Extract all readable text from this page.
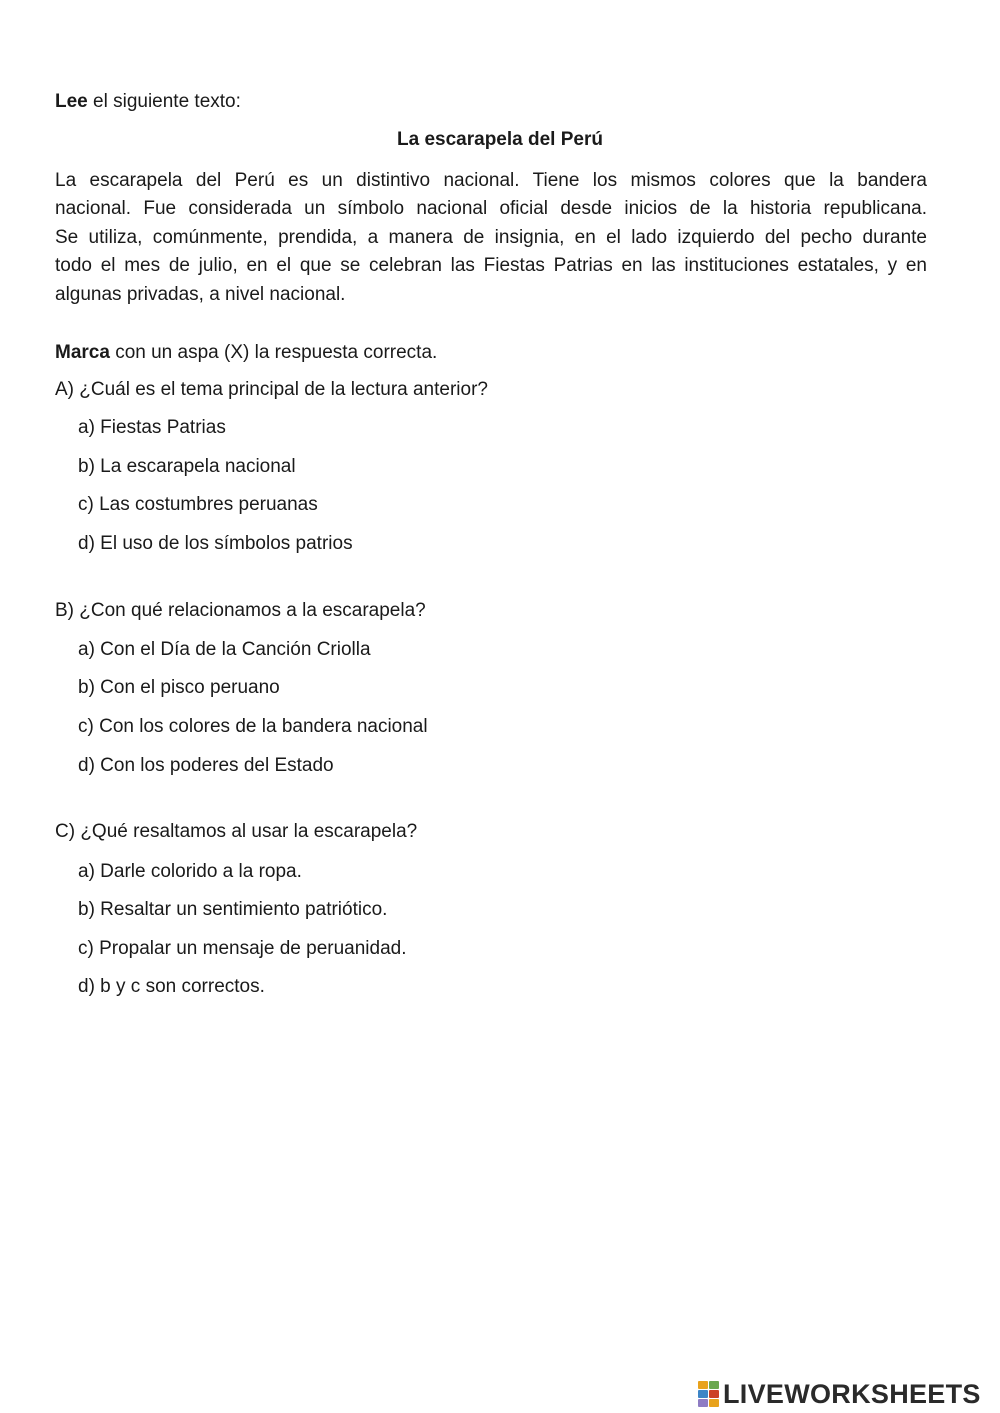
Lee el siguiente texto:
La escarapela del Perú
La escarapela del Perú es un distintivo nacional. Tiene los mismos colores que la bandera
nacional. Fue considerada un símbolo nacional oficial desde inicios de la historia republicana.
Se utiliza, comúnmente, prendida, a manera de insignia, en el lado izquierdo del pecho durante
todo el mes de julio, en el que se celebran las Fiestas Patrias en las instituciones estatales, y en
algunas privadas, a nivel nacional.
Marca con un aspa (X) la respuesta correcta.
A) ¿Cuál es el tema principal de la lectura anterior?
a) Fiestas Patrias
b) La escarapela nacional
c) Las costumbres peruanas
d) El uso de los símbolos patrios
B) ¿Con qué relacionamos a la escarapela?
a) Con el Día de la Canción Criolla
b) Con el pisco peruano
c) Con los colores de la bandera nacional
d) Con los poderes del Estado
C) ¿Qué resaltamos al usar la escarapela?
a) Darle colorido a la ropa.
b) Resaltar un sentimiento patriótico.
c) Propalar un mensaje de peruanidad.
d) b y c son correctos.
LIVEWORKSHEETS
